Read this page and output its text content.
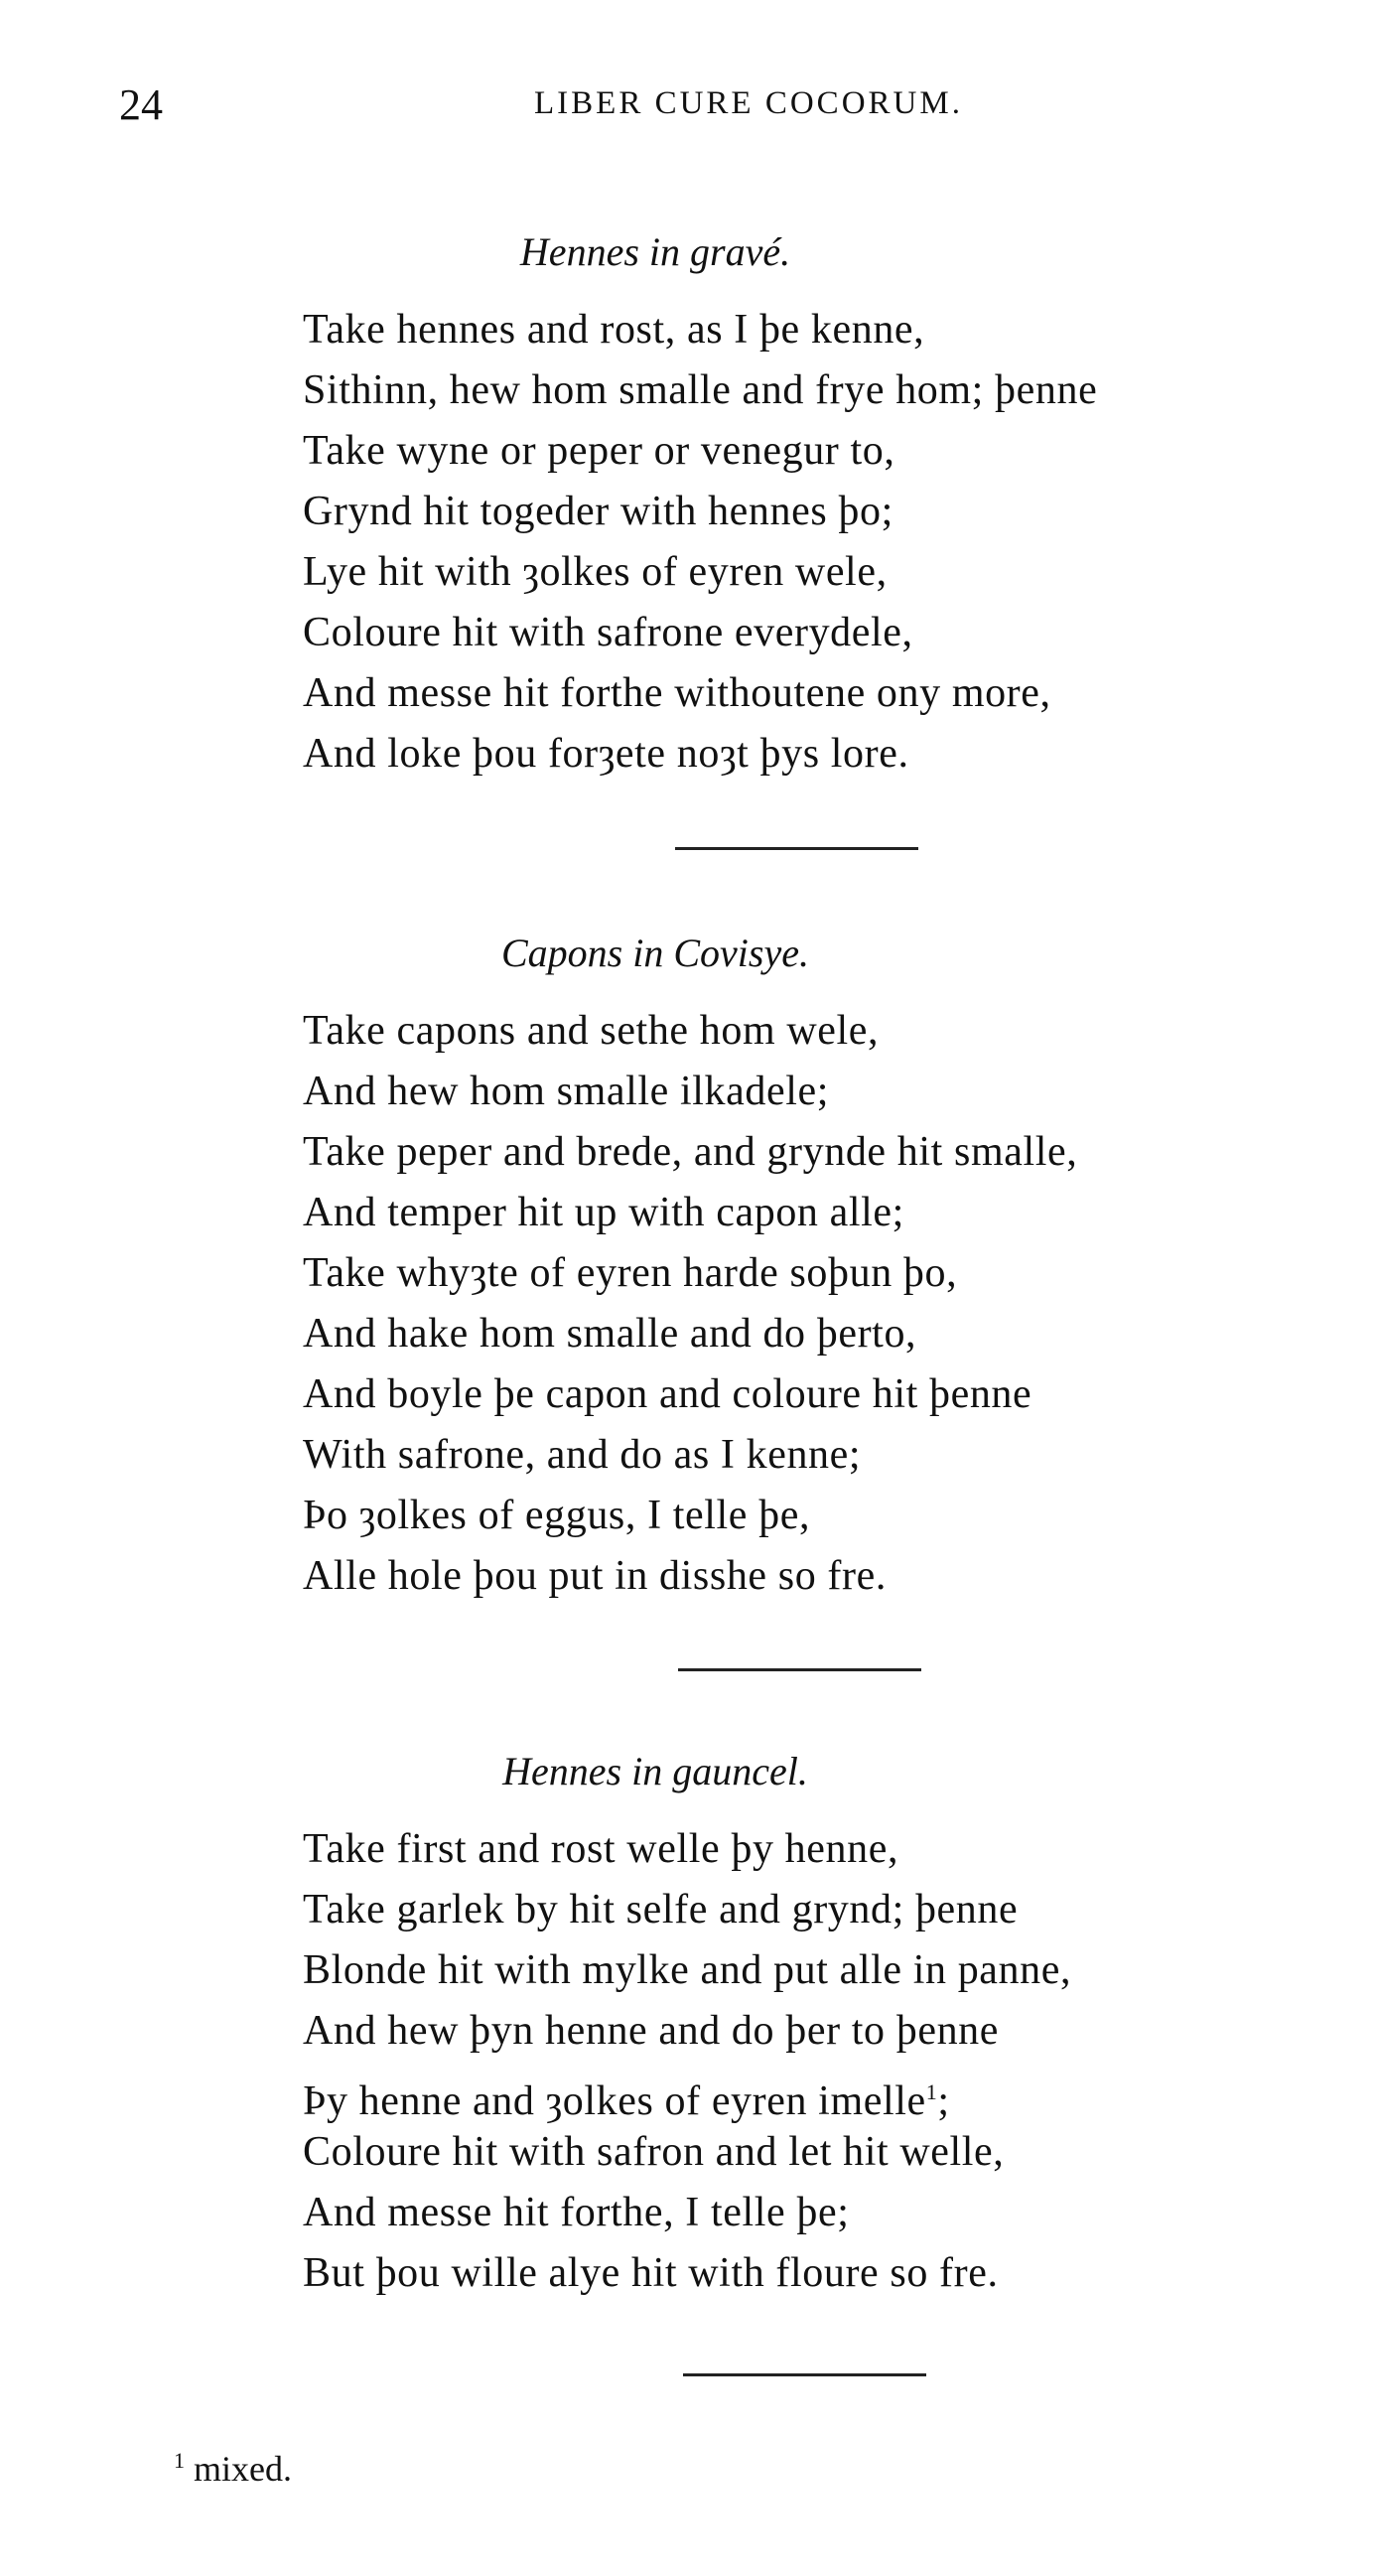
24	LIBER CURE COCORUM.
Hennes in gravé.
Take hennes and rost, as I þe kenne,
Sithinn, hew hom smalle and frye hom; þenne
Take wyne or peper or venegur to,
Grynd hit togeder with hennes þo;
Lye hit with ȝolkes of eyren wele,
Coloure hit with safrone everydele,
And messe hit forthe withoutene ony more,
And loke þou forȝete noȝt þys lore.
Capons in Covisye.
Take capons and sethe hom wele,
And hew hom smalle ilkadele;
Take peper and brede, and grynde hit smalle,
And temper hit up with capon alle;
Take whyȝte of eyren harde soþun þo,
And hake hom smalle and do þerto,
And boyle þe capon and coloure hit þenne
With safrone, and do as I kenne;
Þo ȝolkes of eggus, I telle þe,
Alle hole þou put in disshe so fre.
Hennes in gauncel.
Take first and rost welle þy henne,
Take garlek by hit selfe and grynd; þenne
Blonde hit with mylke and put alle in panne,
And hew þyn henne and do þer to þenne
Þy henne and ȝolkes of eyren imelle$^1$;
Coloure hit with safron and let hit welle,
And messe hit forthe, I telle þe;
But þou wille alye hit with floure so fre.
$^1$ mixed.
